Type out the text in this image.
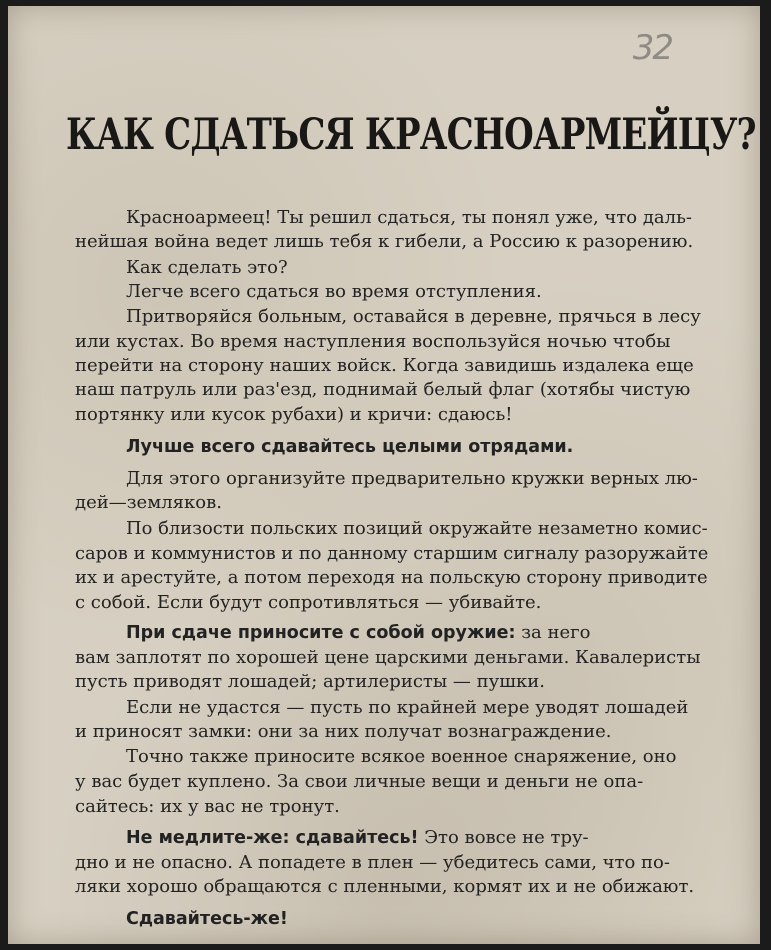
32
КАК СДАТЬСЯ КРАСНОАРМЕЙЦУ?
Красноармеец! Ты решил сдаться, ты понял уже, что даль-
нейшая война ведет лишь тебя к гибели, а Россию к разорению.
Как сделать это?
Легче всего сдаться во время отступления.
Притворяйся больным, оставайся в деревне, прячься в лесу
или кустах. Во время наступления воспользуйся ночью чтобы
перейти на сторону наших войск. Когда завидишь издалека еще
наш патруль или раз'езд, поднимай белый флаг (хотябы чистую
портянку или кусок рубахи) и кричи: сдаюсь!
Лучше всего сдавайтесь целыми отрядами.
Для этого организуйте предварительно кружки верных лю-
дей—земляков.
По близости польских позиций окружайте незаметно комис-
саров и коммунистов и по данному старшим сигналу разоружайте
их и арестуйте, а потом переходя на польскую сторону приводите
с собой. Если будут сопротивляться — убивайте.
При сдаче приносите с собой оружие: за него
вам заплотят по хорошей цене царскими деньгами. Кавалеристы
пусть приводят лошадей; артилеристы — пушки.
Если не удастся — пусть по крайней мере уводят лошадей
и приносят замки: они за них получат вознаграждение.
Точно также приносите всякое военное снаряжение, оно
у вас будет куплено. За свои личные вещи и деньги не опа-
сайтесь: их у вас не тронут.
Не медлите-же: сдавайтесь! Это вовсе не тру-
дно и не опасно. А попадете в плен — убедитесь сами, что по-
ляки хорошо обращаются с пленными, кормят их и не обижают.
Сдавайтесь-же!
